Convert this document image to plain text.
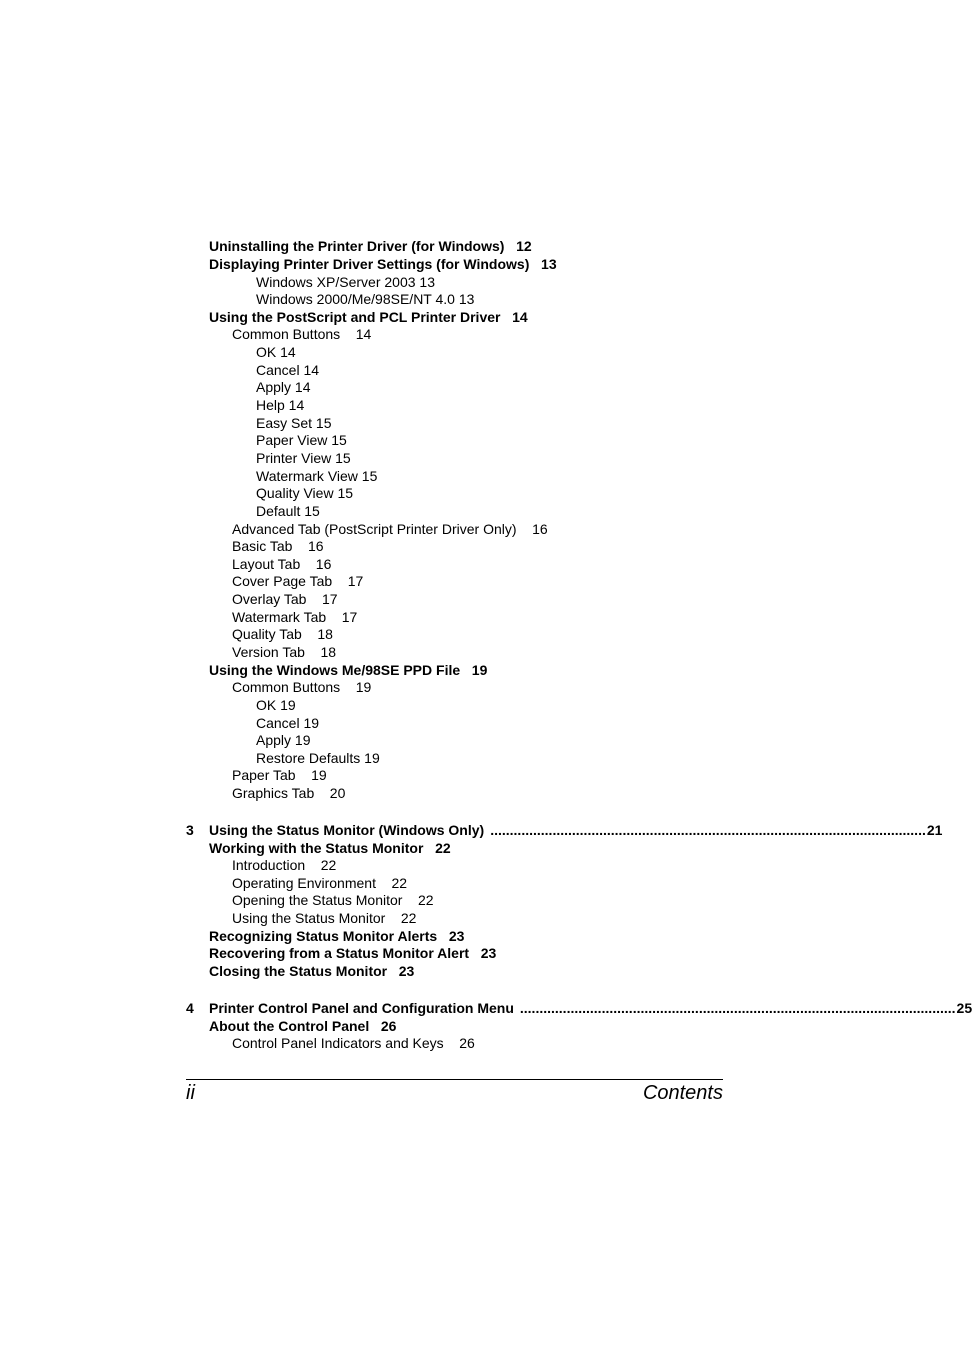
Uninstalling the Printer Driver (for Windows)   12
Displaying Printer Driver Settings (for Windows)   13
Windows XP/Server 2003 13
Windows 2000/Me/98SE/NT 4.0 13
Using the PostScript and PCL Printer Driver   14
Common Buttons    14
OK 14
Cancel 14
Apply 14
Help 14
Easy Set 15
Paper View 15
Printer View 15
Watermark View 15
Quality View 15
Default 15
Advanced Tab (PostScript Printer Driver Only)    16
Basic Tab    16
Layout Tab    16
Cover Page Tab    17
Overlay Tab    17
Watermark Tab    17
Quality Tab    18
Version Tab    18
Using the Windows Me/98SE PPD File   19
Common Buttons    19
OK 19
Cancel 19
Apply 19
Restore Defaults 19
Paper Tab    19
Graphics Tab    20
3	Using the Status Monitor (Windows Only) ................................................................................................................ 21
Working with the Status Monitor   22
Introduction    22
Operating Environment    22
Opening the Status Monitor    22
Using the Status Monitor    22
Recognizing Status Monitor Alerts   23
Recovering from a Status Monitor Alert   23
Closing the Status Monitor   23
4	Printer Control Panel and Configuration Menu ................................................................................................................ 25
About the Control Panel   26
Control Panel Indicators and Keys    26
ii	Contents
